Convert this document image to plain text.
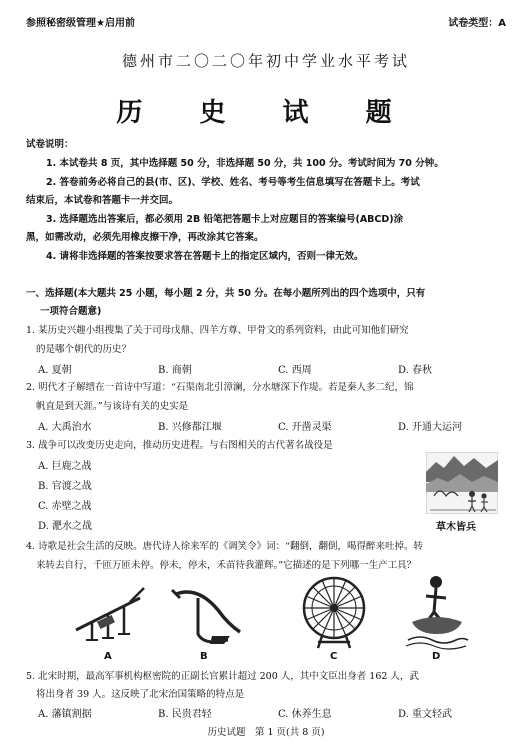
参照秘密级管理★启用前	试卷类型：A
德州市二〇二〇年初中学业水平考试
历 史 试 题
试卷说明：
1. 本试卷共 8 页，其中选择题 50 分，非选择题 50 分，共 100 分。考试时间为 70 分钟。
2. 答卷前务必将自己的县(市、区)、学校、姓名、考号等考生信息填写在答题卡上。考试
结束后，本试卷和答题卡一并交回。
3. 选择题选出答案后，都必须用 2B 铅笔把答题卡上对应题目的答案编号(ABCD)涂
黑，如需改动，必须先用橡皮擦干净，再改涂其它答案。
4. 请将非选择题的答案按要求答在答题卡上的指定区域内，否则一律无效。
一、选择题(本大题共 25 小题，每小题 2 分，共 50 分。在每小题所列出的四个选项中，只有
一项符合题意)
1. 某历史兴趣小组搜集了关于司母戊鼎、四羊方尊、甲骨文的系列资料，由此可知他们研究
的是哪个朝代的历史？
A. 夏朝	B. 商朝	C. 西周	D. 春秋
2. 明代才子解缙在一首诗中写道：“石渠南北引漳澜，分水塘深下作堤。若是秦人多二纪，锦
帆直是到天涯。”与该诗有关的史实是
A. 大禹治水	B. 兴修都江堰	C. 开凿灵渠	D. 开通大运河
3. 战争可以改变历史走向，推动历史进程。与右图相关的古代著名战役是
A. 巨鹿之战
B. 官渡之战
C. 赤壁之战
D. 淝水之战	草木皆兵
4. 诗歌是社会生活的反映。唐代诗人徐来军的《调笑令》词：“翻倒，翻倒，喝得醉来吐掉。转
来转去自行，千匝万匝未停。停未，停未，禾苗待我灌辉。”它描述的是下列哪一生产工具？
A	B	C	D
5. 北宋时期，最高军事机构枢密院的正副长官累计超过 200 人，其中文臣出身者 162 人，武
将出身者 39 人。这反映了北宋治国策略的特点是
A. 藩镇割据	B. 民贵君轻	C. 休养生息	D. 重文轻武
历史试题　第 1 页(共 8 页)
